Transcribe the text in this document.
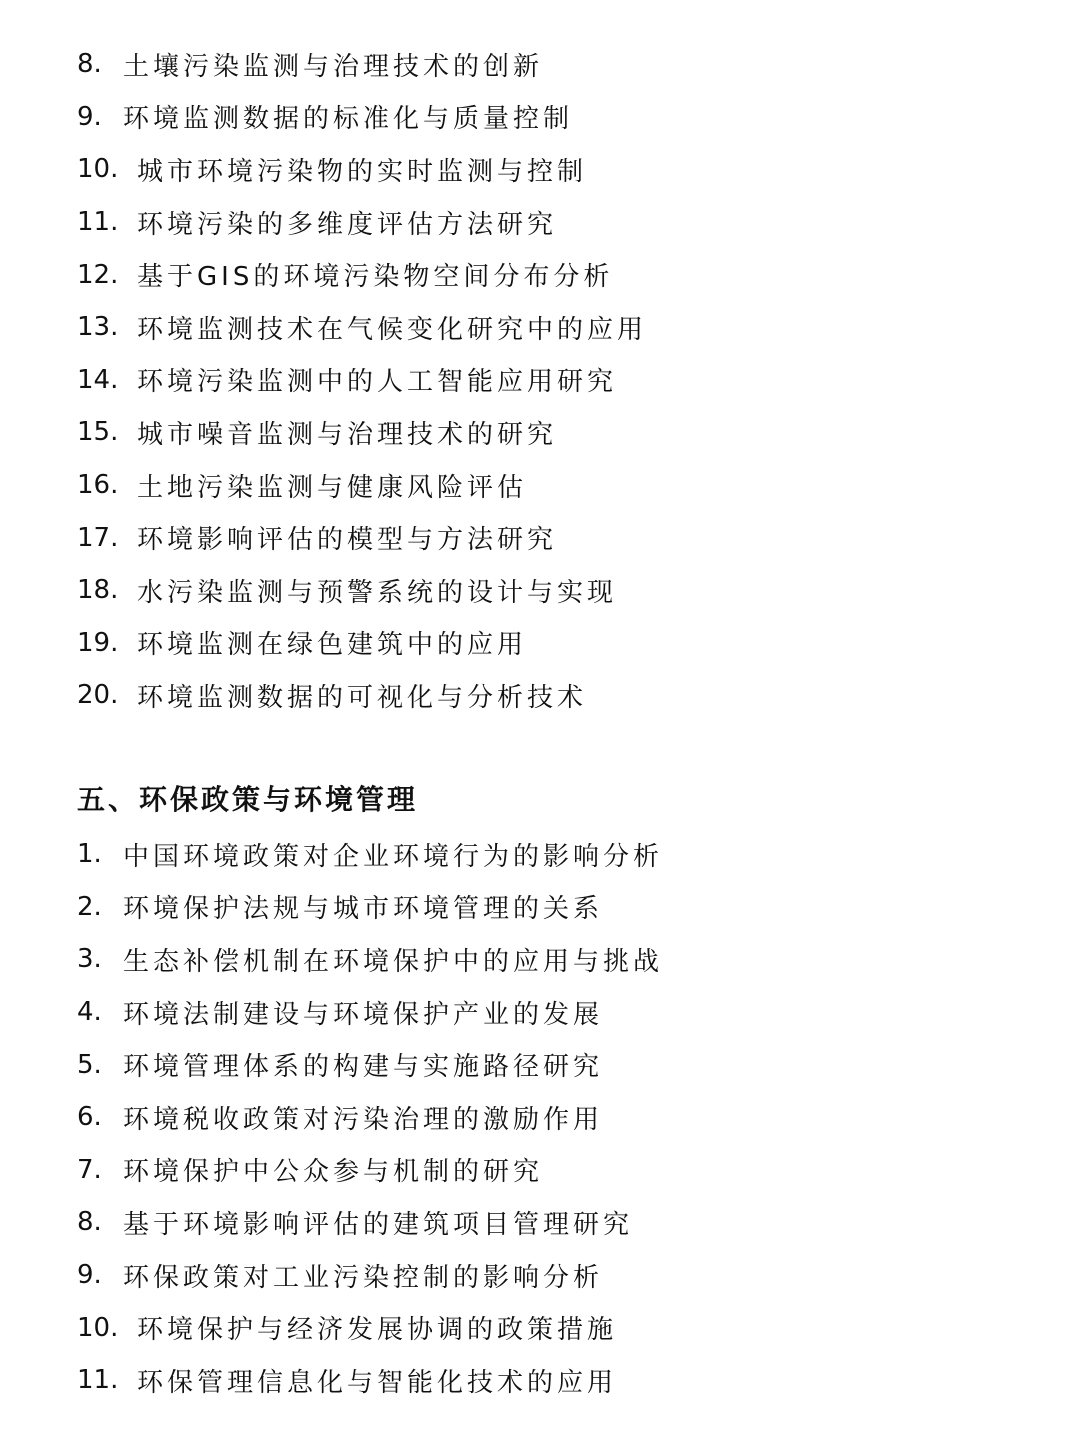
8. 土壤污染监测与治理技术的创新
9. 环境监测数据的标准化与质量控制
10. 城市环境污染物的实时监测与控制
11. 环境污染的多维度评估方法研究
12. 基于GIS的环境污染物空间分布分析
13. 环境监测技术在气候变化研究中的应用
14. 环境污染监测中的人工智能应用研究
15. 城市噪音监测与治理技术的研究
16. 土地污染监测与健康风险评估
17. 环境影响评估的模型与方法研究
18. 水污染监测与预警系统的设计与实现
19. 环境监测在绿色建筑中的应用
20. 环境监测数据的可视化与分析技术
五、环保政策与环境管理
1. 中国环境政策对企业环境行为的影响分析
2. 环境保护法规与城市环境管理的关系
3. 生态补偿机制在环境保护中的应用与挑战
4. 环境法制建设与环境保护产业的发展
5. 环境管理体系的构建与实施路径研究
6. 环境税收政策对污染治理的激励作用
7. 环境保护中公众参与机制的研究
8. 基于环境影响评估的建筑项目管理研究
9. 环保政策对工业污染控制的影响分析
10. 环境保护与经济发展协调的政策措施
11. 环保管理信息化与智能化技术的应用
